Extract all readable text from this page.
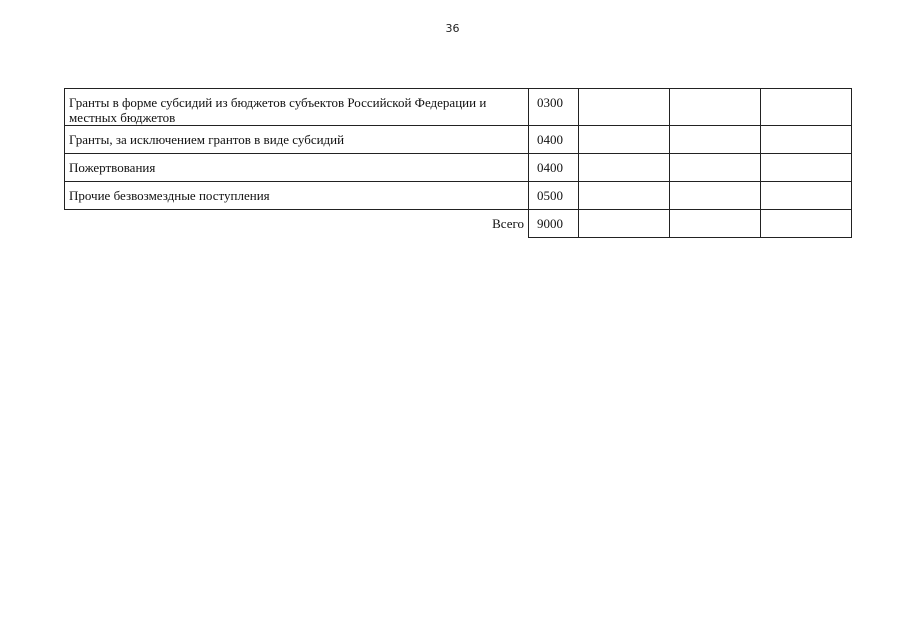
36
Гранты в форме субсидий из бюджетов субъектов Российской Федерации и местных бюджетов	0300			
Гранты, за исключением грантов в виде субсидий	0400			
Пожертвования	0400			
Прочие безвозмездные поступления	0500			
Всего	9000			
